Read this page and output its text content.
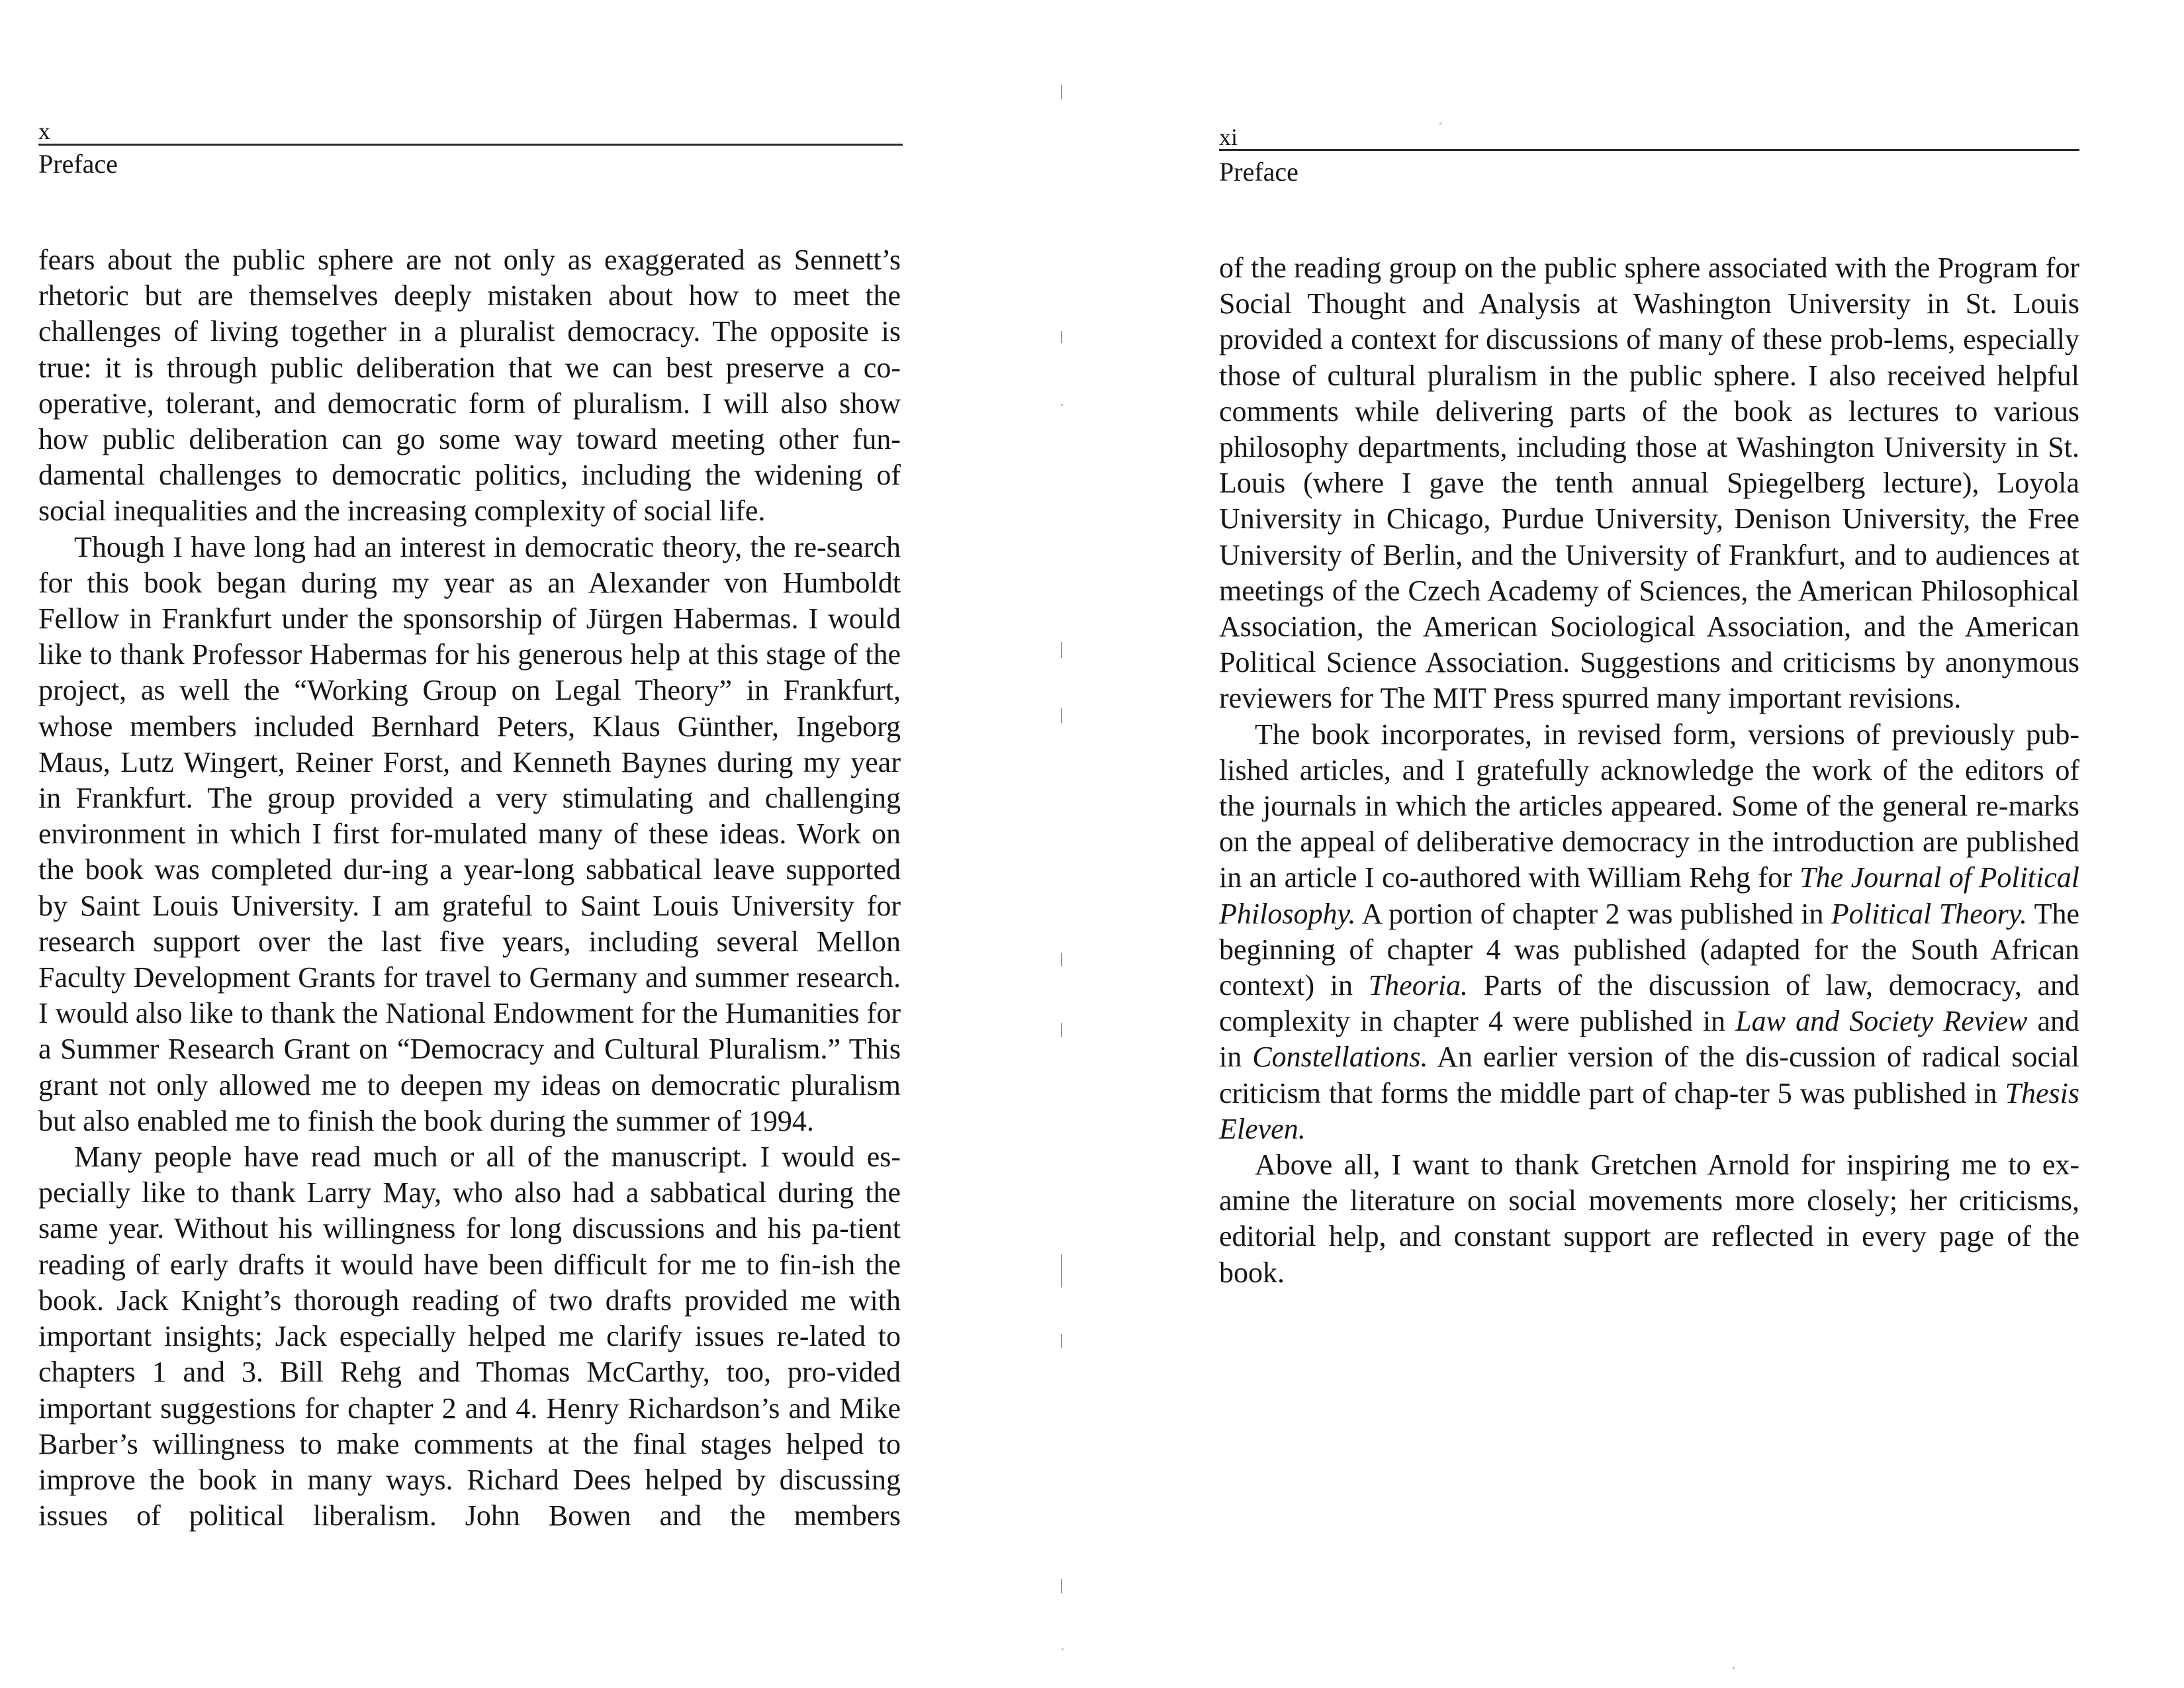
x
Preface

fears about the public sphere are not only as exaggerated as Sennett’s rhetoric but are themselves deeply mistaken about how to meet the challenges of living together in a pluralist democracy. The opposite is true: it is through public deliberation that we can best preserve a co-operative, tolerant, and democratic form of pluralism. I will also show how public deliberation can go some way toward meeting other fun-damental challenges to democratic politics, including the widening of social inequalities and the increasing complexity of social life.

Though I have long had an interest in democratic theory, the re-search for this book began during my year as an Alexander von Humboldt Fellow in Frankfurt under the sponsorship of Jürgen Habermas. I would like to thank Professor Habermas for his generous help at this stage of the project, as well the “Working Group on Legal Theory” in Frankfurt, whose members included Bernhard Peters, Klaus Günther, Ingeborg Maus, Lutz Wingert, Reiner Forst, and Kenneth Baynes during my year in Frankfurt. The group provided a very stimulating and challenging environment in which I first for-mulated many of these ideas. Work on the book was completed dur-ing a year-long sabbatical leave supported by Saint Louis University. I am grateful to Saint Louis University for research support over the last five years, including several Mellon Faculty Development Grants for travel to Germany and summer research. I would also like to thank the National Endowment for the Humanities for a Summer Research Grant on “Democracy and Cultural Pluralism.” This grant not only allowed me to deepen my ideas on democratic pluralism but also enabled me to finish the book during the summer of 1994.

Many people have read much or all of the manuscript. I would es-pecially like to thank Larry May, who also had a sabbatical during the same year. Without his willingness for long discussions and his pa-tient reading of early drafts it would have been difficult for me to fin-ish the book. Jack Knight’s thorough reading of two drafts provided me with important insights; Jack especially helped me clarify issues re-lated to chapters 1 and 3. Bill Rehg and Thomas McCarthy, too, pro-vided important suggestions for chapter 2 and 4. Henry Richardson’s and Mike Barber’s willingness to make comments at the final stages helped to improve the book in many ways. Richard Dees helped by discussing issues of political liberalism. John Bowen and the members

xi
Preface

of the reading group on the public sphere associated with the Program for Social Thought and Analysis at Washington University in St. Louis provided a context for discussions of many of these prob-lems, especially those of cultural pluralism in the public sphere. I also received helpful comments while delivering parts of the book as lectures to various philosophy departments, including those at Washington University in St. Louis (where I gave the tenth annual Spiegelberg lecture), Loyola University in Chicago, Purdue University, Denison University, the Free University of Berlin, and the University of Frankfurt, and to audiences at meetings of the Czech Academy of Sciences, the American Philosophical Association, the American Sociological Association, and the American Political Science Association. Suggestions and criticisms by anonymous reviewers for The MIT Press spurred many important revisions.

The book incorporates, in revised form, versions of previously pub-lished articles, and I gratefully acknowledge the work of the editors of the journals in which the articles appeared. Some of the general re-marks on the appeal of deliberative democracy in the introduction are published in an article I co-authored with William Rehg for The Journal of Political Philosophy. A portion of chapter 2 was published in Political Theory. The beginning of chapter 4 was published (adapted for the South African context) in Theoria. Parts of the discussion of law, democracy, and complexity in chapter 4 were published in Law and Society Review and in Constellations. An earlier version of the dis-cussion of radical social criticism that forms the middle part of chap-ter 5 was published in Thesis Eleven.

Above all, I want to thank Gretchen Arnold for inspiring me to ex-amine the literature on social movements more closely; her criticisms, editorial help, and constant support are reflected in every page of the book.
